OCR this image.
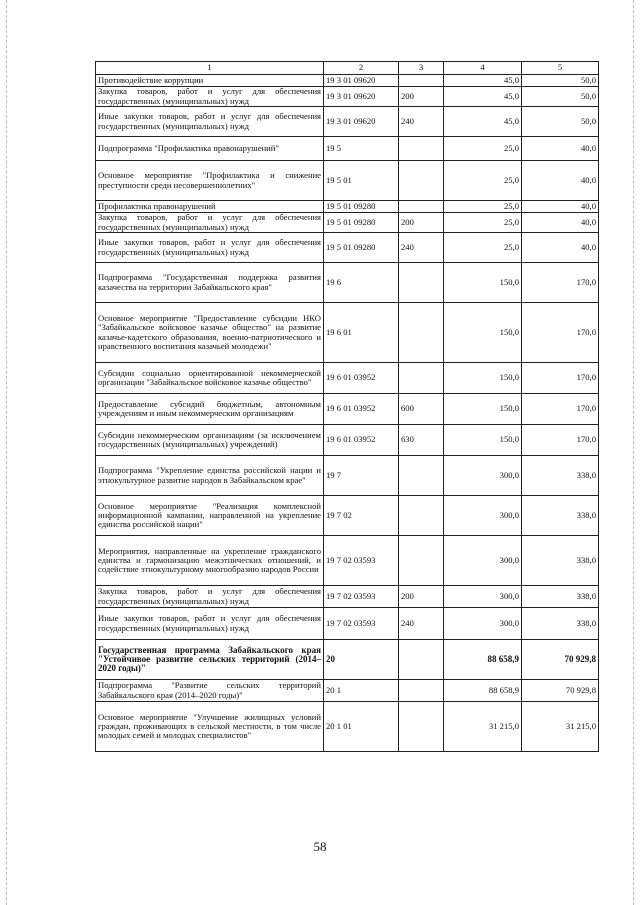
1	2	3	4	5
Противодействие коррупции	19 3 01 09620		45,0	50,0
Закупка товаров, работ и услуг для обеспечения государственных (муниципальных) нужд	19 3 01 09620	200	45,0	50,0
Иные закупки товаров, работ и услуг для обеспечения государственных (муниципальных) нужд	19 3 01 09620	240	45,0	50,0
Подпрограмма "Профилактика правонарушений"	19 5		25,0	40,0
Основное мероприятие "Профилактика и снижение преступности среди несовершеннолетних"	19 5 01		25,0	40,0
Профилактика правонарушений	19 5 01 09280		25,0	40,0
Закупка товаров, работ и услуг для обеспечения государственных (муниципальных) нужд	19 5 01 09280	200	25,0	40,0
Иные закупки товаров, работ и услуг для обеспечения государственных (муниципальных) нужд	19 5 01 09280	240	25,0	40,0
Подпрограмма "Государственная поддержка развития казачества на территории Забайкальского края"	19 6		150,0	170,0
Основное мероприятие "Предоставление субсидии НКО "Забайкальское войсковое казачье общество" на развитие казачье-кадетского образования, военно-патриотического и нравственного воспитания казачьей молодежи"	19 6 01		150,0	170,0
Субсидии социально ориентированной некоммерческой организации "Забайкальское войсковое казачье общество"	19 6 01 03952		150,0	170,0
Предоставление субсидий бюджетным, автономным учреждениям и иным некоммерческим организациям	19 6 01 03952	600	150,0	170,0
Субсидии некоммерческим организациям (за исключением государственных (муниципальных) учреждений)	19 6 01 03952	630	150,0	170,0
Подпрограмма "Укрепление единства российской нации и этнокультурное развитие народов в Забайкальском крае"	19 7		300,0	338,0
Основное мероприятие "Реализация комплексной информационной кампании, направленной на укрепление единства российской нации"	19 7 02		300,0	338,0
Мероприятия, направленные на укрепление гражданского единства и гармонизацию межэтнических отношений, и содействие этнокультурному многообразию народов России	19 7 02 03593		300,0	338,0
Закупка товаров, работ и услуг для обеспечения государственных (муниципальных) нужд	19 7 02 03593	200	300,0	338,0
Иные закупки товаров, работ и услуг для обеспечения государственных (муниципальных) нужд	19 7 02 03593	240	300,0	338,0
Государственная программа Забайкальского края "Устойчивое развитие сельских территорий (2014–2020 годы)"	20		88 658,9	70 929,8
Подпрограмма "Развитие сельских территорий Забайкальского края (2014–2020 годы)"	20 1		88 658,9	70 929,8
Основное мероприятие "Улучшение жилищных условий граждан, проживающих в сельской местности, в том числе молодых семей и молодых специалистов"	20 1 01		31 215,0	31 215,0
58
